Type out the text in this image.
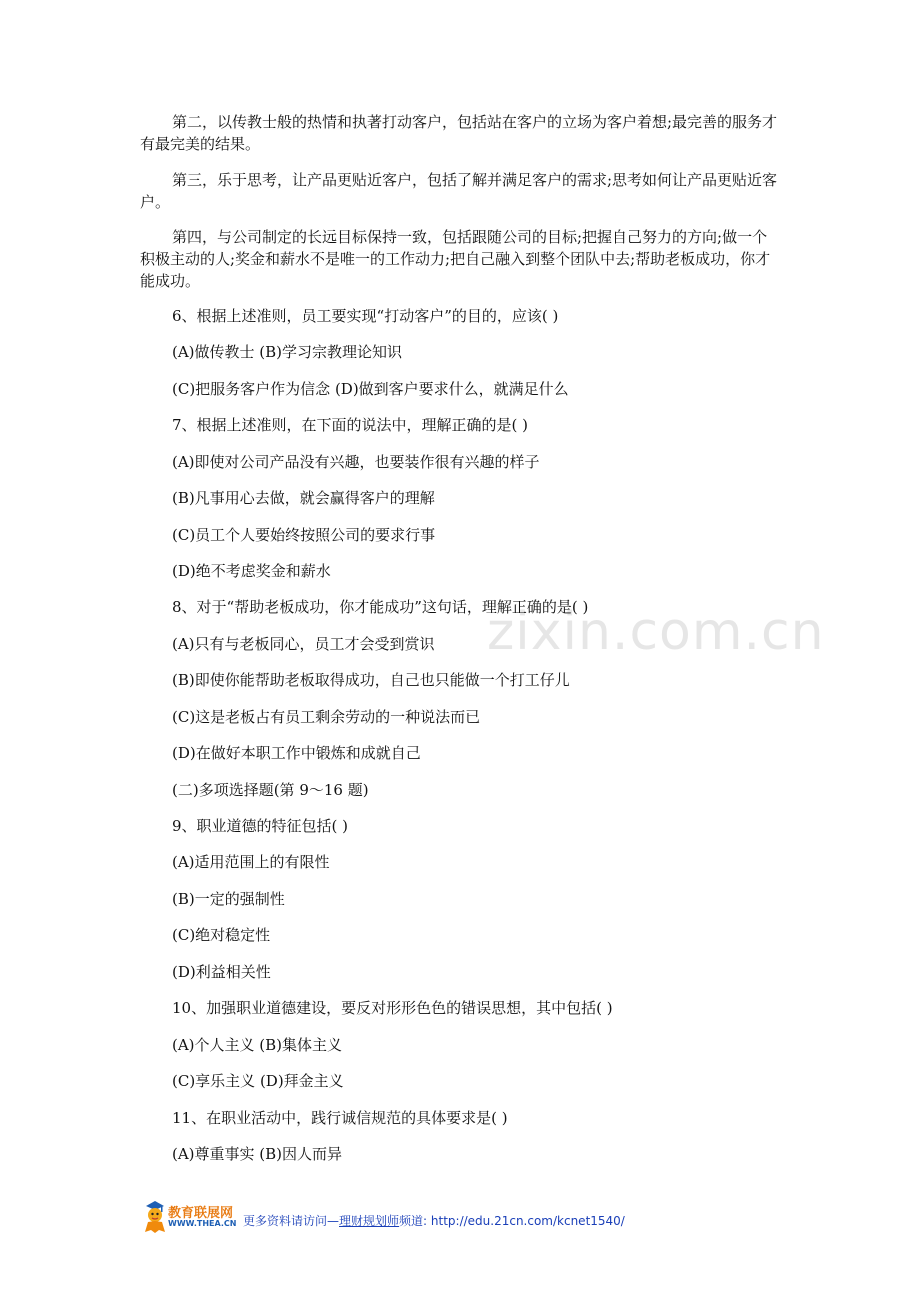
zixin.com.cn

第二，以传教士般的热情和执著打动客户，包括站在客户的立场为客户着想;最完善的服务才有最完美的结果。

第三，乐于思考，让产品更贴近客户，包括了解并满足客户的需求;思考如何让产品更贴近客户。

第四，与公司制定的长远目标保持一致，包括跟随公司的目标;把握自己努力的方向;做一个积极主动的人;奖金和薪水不是唯一的工作动力;把自己融入到整个团队中去;帮助老板成功，你才能成功。

6、根据上述准则，员工要实现“打动客户”的目的，应该( )

(A)做传教士 (B)学习宗教理论知识

(C)把服务客户作为信念 (D)做到客户要求什么，就满足什么

7、根据上述准则，在下面的说法中，理解正确的是( )

(A)即使对公司产品没有兴趣，也要装作很有兴趣的样子

(B)凡事用心去做，就会赢得客户的理解

(C)员工个人要始终按照公司的要求行事

(D)绝不考虑奖金和薪水

8、对于“帮助老板成功，你才能成功”这句话，理解正确的是( )

(A)只有与老板同心，员工才会受到赏识

(B)即使你能帮助老板取得成功，自己也只能做一个打工仔儿

(C)这是老板占有员工剩余劳动的一种说法而已

(D)在做好本职工作中锻炼和成就自己

(二)多项选择题(第 9～16 题)

9、职业道德的特征包括( )

(A)适用范围上的有限性

(B)一定的强制性

(C)绝对稳定性

(D)利益相关性

10、加强职业道德建设，要反对形形色色的错误思想，其中包括( )

(A)个人主义 (B)集体主义

(C)享乐主义 (D)拜金主义

11、在职业活动中，践行诚信规范的具体要求是( )

(A)尊重事实 (B)因人而异

教育联展网
WWW.THEA.CN 更多资料请访问—理财规划师频道: http://edu.21cn.com/kcnet1540/
